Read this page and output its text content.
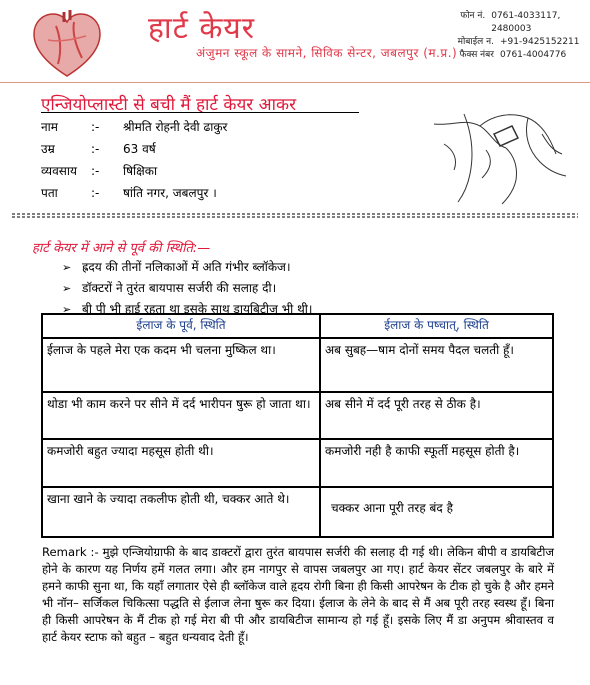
हार्ट केयर
अंजुमन स्कूल के सामने, सिविक सेन्टर, जबलपुर (म.प्र.)
फोन नं. 0761-4033117, 2480003
मोबाईल न. +91-9425152211
फैक्स नंबर 0761-4004776
एन्जियोप्लास्टी से बची मैं हार्ट केयर आकर
नाम	:-	श्रीमति रोहनी देवी ढाकुर
उम्र	:-	63 वर्ष
व्यवसाय	:-	षिक्षिका
पता	:-	षांति नगर, जबलपुर ।
हार्ट केयर में आने से पूर्व की स्थिति:—
➢ ह्रदय की तीनों नलिकाओं में अति गंभीर ब्लॉकेज।
➢ डॉक्टरों ने तुरंत बायपास सर्जरी की सलाह दी।
➢ बी पी भी हाई रहता था इसके साथ डायबिटीज भी थी।
ईलाज के पूर्व, स्थिति	ईलाज के पष्चात्, स्थिति
ईलाज के पहले मेरा एक कदम भी चलना मुष्किल था।	अब सुबह—षाम दोनों समय पैदल चलती हूँ।
थोडा भी काम करने पर सीने में दर्द भारीपन षुरू हो जाता था।	अब सीने में दर्द पूरी तरह से ठीक है।
कमजोरी बहुत ज्यादा महसूस होती थी।	कमजोरी नही है काफी स्फूर्ती महसूस होती है।
खाना खाने के ज्यादा तकलीफ होती थी, चक्कर आते थे।	चक्कर आना पूरी तरह बंद है
Remark :- मुझे एन्जियोग्राफी के बाद डाक्टरों द्वारा तुरंत बायपास सर्जरी की सलाह दी गई थी। लेकिन बीपी व डायबिटीज होने के कारण यह निर्णय हमें गलत लगा। और हम नागपुर से वापस जबलपुर आ गए। हार्ट केयर सेंटर जबलपुर के बारे में हमने काफी सुना था, कि यहॉं लगातार ऐसे ही ब्लॉकेज वाले हृदय रोगी बिना ही किसी आपरेषन के टीक हो चुके है और हमने भी नॉन– सर्जिकल चिकित्सा पद्धति से ईलाज लेना षुरू कर दिया। ईलाज के लेने के बाद से मैं अब पूरी तरह स्वस्थ हूँ। बिना ही किसी आपरेषन के मैं टीक हो गई मेरा बी पी और डायबिटीज सामान्य हो गई हूँ। इसके लिए मैं डा अनुपम श्रीवास्तव व हार्ट केयर स्टाफ को बहुत – बहुत धन्यवाद देती हूँ।
